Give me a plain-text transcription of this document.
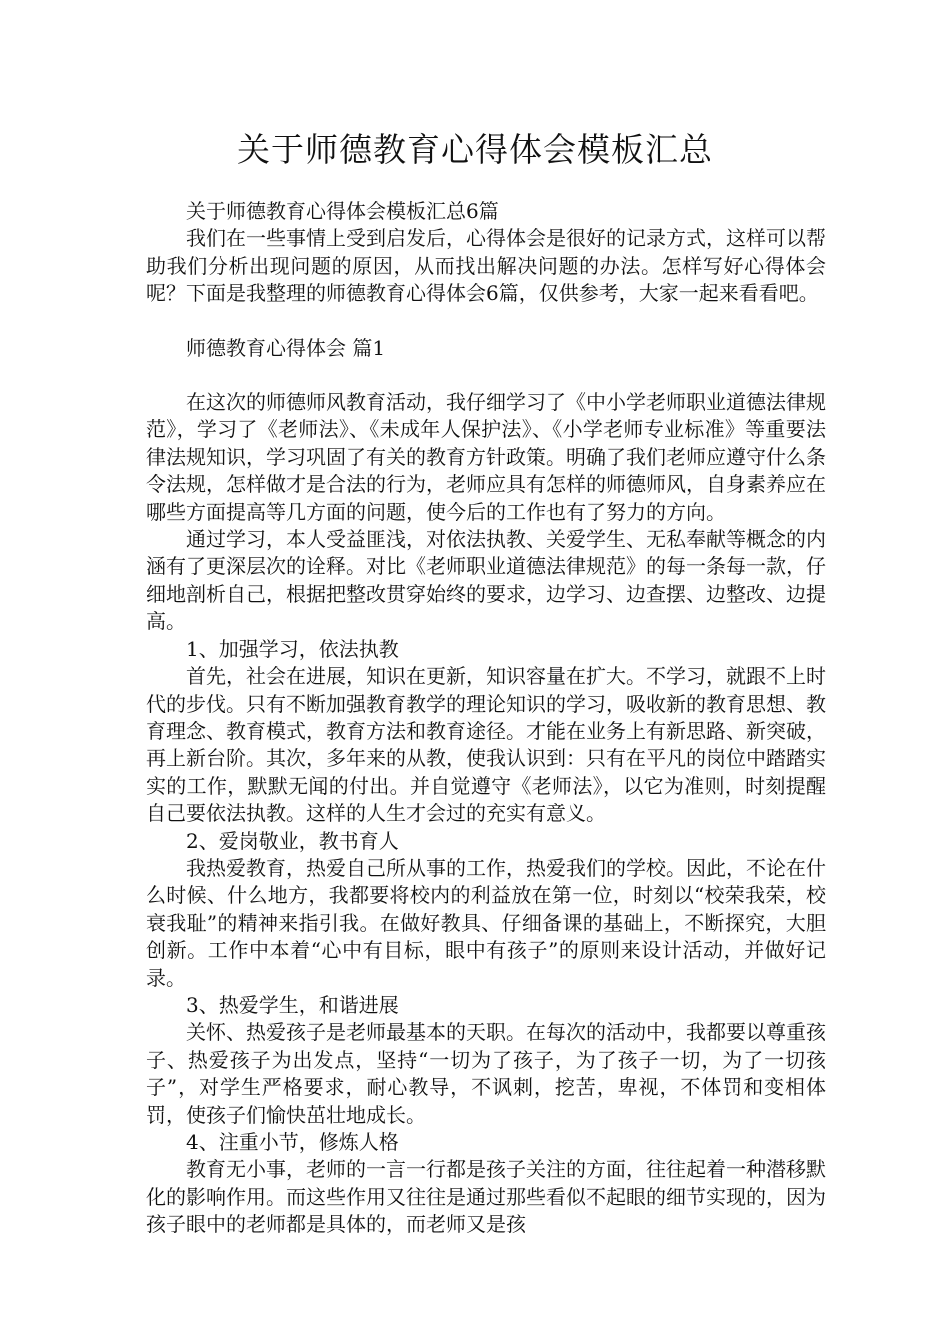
关于师德教育心得体会模板汇总

关于师德教育心得体会模板汇总6篇

我们在一些事情上受到启发后，心得体会是很好的记录方式，这样可以帮助我们分析出现问题的原因，从而找出解决问题的办法。怎样写好心得体会呢？下面是我整理的师德教育心得体会6篇，仅供参考，大家一起来看看吧。

师德教育心得体会 篇1

在这次的师德师风教育活动，我仔细学习了《中小学老师职业道德法律规范》，学习了《老师法》、《未成年人保护法》、《小学老师专业标准》等重要法律法规知识，学习巩固了有关的教育方针政策。明确了我们老师应遵守什么条令法规，怎样做才是合法的行为，老师应具有怎样的师德师风，自身素养应在哪些方面提高等几方面的问题，使今后的工作也有了努力的方向。

通过学习，本人受益匪浅，对依法执教、关爱学生、无私奉献等概念的内涵有了更深层次的诠释。对比《老师职业道德法律规范》的每一条每一款，仔细地剖析自己，根据把整改贯穿始终的要求，边学习、边查摆、边整改、边提高。

1、加强学习，依法执教

首先，社会在进展，知识在更新，知识容量在扩大。不学习，就跟不上时代的步伐。只有不断加强教育教学的理论知识的学习，吸收新的教育思想、教育理念、教育模式，教育方法和教育途径。才能在业务上有新思路、新突破，再上新台阶。其次，多年来的从教，使我认识到：只有在平凡的岗位中踏踏实实的工作，默默无闻的付出。并自觉遵守《老师法》，以它为准则，时刻提醒自己要依法执教。这样的人生才会过的充实有意义。

2、爱岗敬业，教书育人

我热爱教育，热爱自己所从事的工作，热爱我们的学校。因此，不论在什么时候、什么地方，我都要将校内的利益放在第一位，时刻以“校荣我荣，校衰我耻”的精神来指引我。在做好教具、仔细备课的基础上，不断探究，大胆创新。工作中本着“心中有目标，眼中有孩子”的原则来设计活动，并做好记录。

3、热爱学生，和谐进展

关怀、热爱孩子是老师最基本的天职。在每次的活动中，我都要以尊重孩子、热爱孩子为出发点，坚持“一切为了孩子，为了孩子一切，为了一切孩子”，对学生严格要求，耐心教导，不讽刺，挖苦，卑视，不体罚和变相体罚，使孩子们愉快茁壮地成长。

4、注重小节，修炼人格

教育无小事，老师的一言一行都是孩子关注的方面，往往起着一种潜移默化的影响作用。而这些作用又往往是通过那些看似不起眼的细节实现的，因为孩子眼中的老师都是具体的，而老师又是孩
